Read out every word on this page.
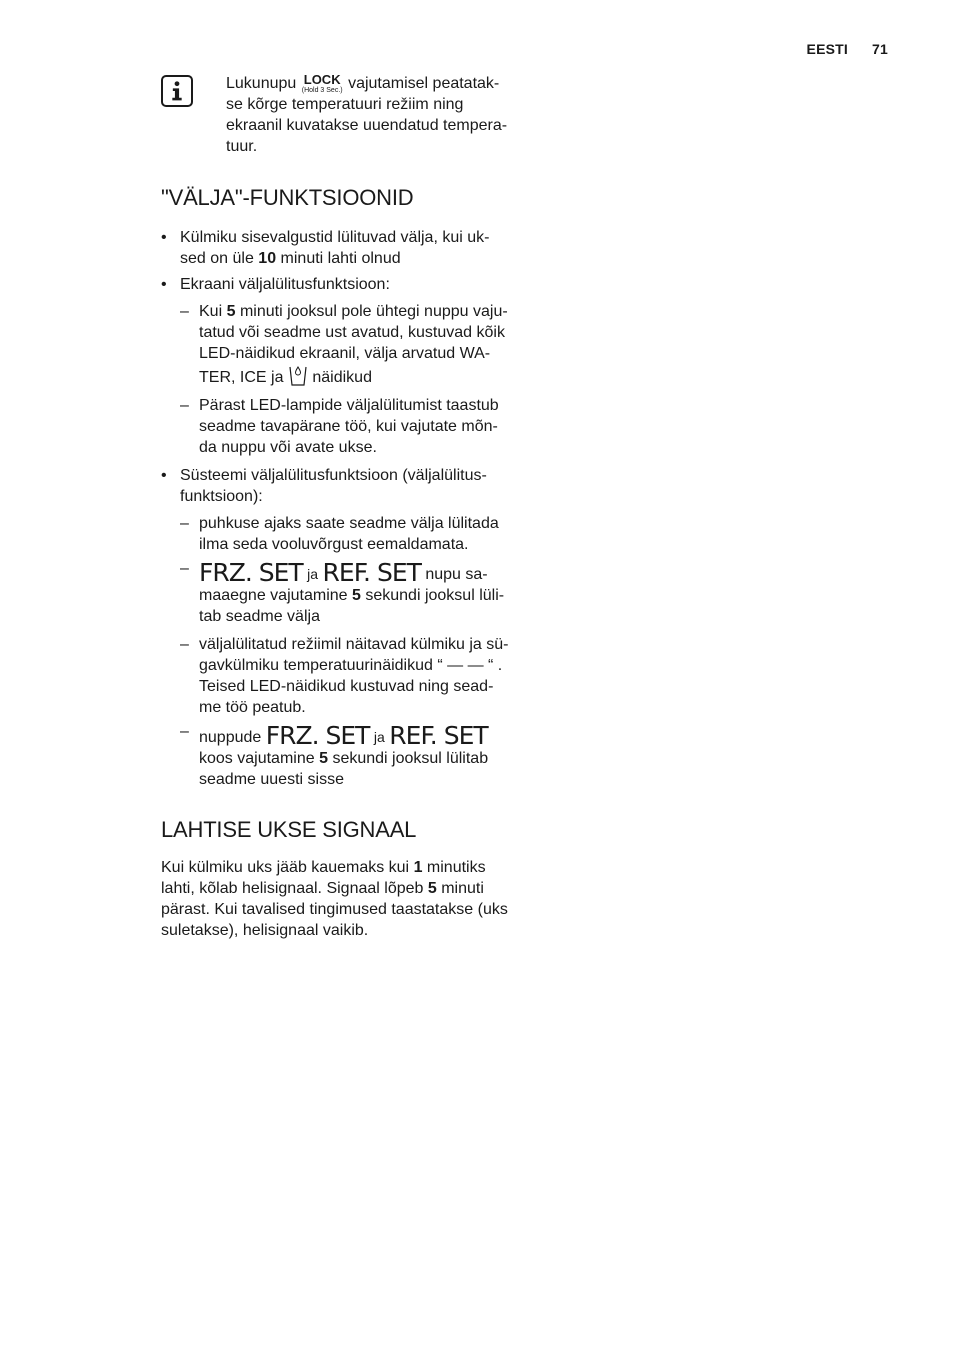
EESTI 71
Lukunupu LOCK
(Hold 3 Sec.) vajutamisel peatatak-se kõrge temperatuuri režiim ning ekraanil kuvatakse uuendatud tempera-tuur.
"VÄLJA"-FUNKTSIOONID
• Külmiku sisevalgustid lülituvad välja, kui uk-sed on üle 10 minuti lahti olnud
• Ekraani väljalülitusfunktsioon:
– Kui 5 minuti jooksul pole ühtegi nuppu vaju-tatud või seadme ust avatud, kustuvad kõik LED-näidikud ekraanil, välja arvatud WA-TER, ICE ja näidikud
– Pärast LED-lampide väljalülitumist taastub seadme tavapärane töö, kui vajutate mõn-da nuppu või avate ukse.
• Süsteemi väljalülitusfunktsioon (väljalülitus-funktsioon):
– puhkuse ajaks saate seadme välja lülitada ilma seda vooluvõrgust eemaldamata.
– FRZ. SET ja REF. SET nupu sa-maaegne vajutamine 5 sekundi jooksul lüli-tab seadme välja
– väljalülitatud režiimil näitavad külmiku ja sü-gavkülmiku temperatuurinäidikud “ — — “ . Teised LED-näidikud kustuvad ning sead-me töö peatub.
– nuppude FRZ. SET ja REF. SET koos vajutamine 5 sekundi jooksul lülitab seadme uuesti sisse
LAHTISE UKSE SIGNAAL

Kui külmiku uks jääb kauemaks kui 1 minutiks lahti, kõlab helisignaal. Signaal lõpeb 5 minuti pärast. Kui tavalised tingimused taastatakse (uks suletakse), helisignaal vaikib.
